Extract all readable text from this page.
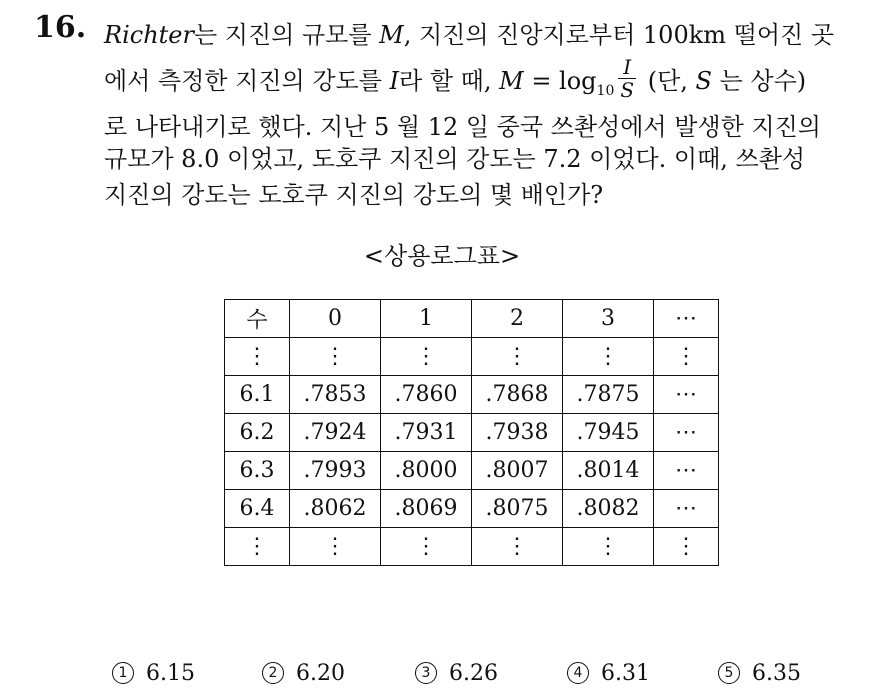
16. Richter는 지진의 규모를 M, 지진의 진앙지로부터 100km 떨어진 곳
에서 측정한 지진의 강도를 I라 할 때, $M = \log_{10} \frac{I}{S}$ (단, S 는 상수)
로 나타내기로 했다. 지난 5 월 12 일 중국 쓰촨성에서 발생한 지진의
규모가 8.0 이었고, 도호쿠 지진의 강도는 7.2 이었다. 이때, 쓰촨성
지진의 강도는 도호쿠 지진의 강도의 몇 배인가?
<상용로그표>
수	0	1	2	3	⋯
⋮	⋮	⋮	⋮	⋮	⋮
6.1	.7853	.7860	.7868	.7875	⋯
6.2	.7924	.7931	.7938	.7945	⋯
6.3	.7993	.8000	.8007	.8014	⋯
6.4	.8062	.8069	.8075	.8082	⋯
⋮	⋮	⋮	⋮	⋮	⋮
1 6.15	2 6.20	3 6.26	4 6.31	5 6.35
